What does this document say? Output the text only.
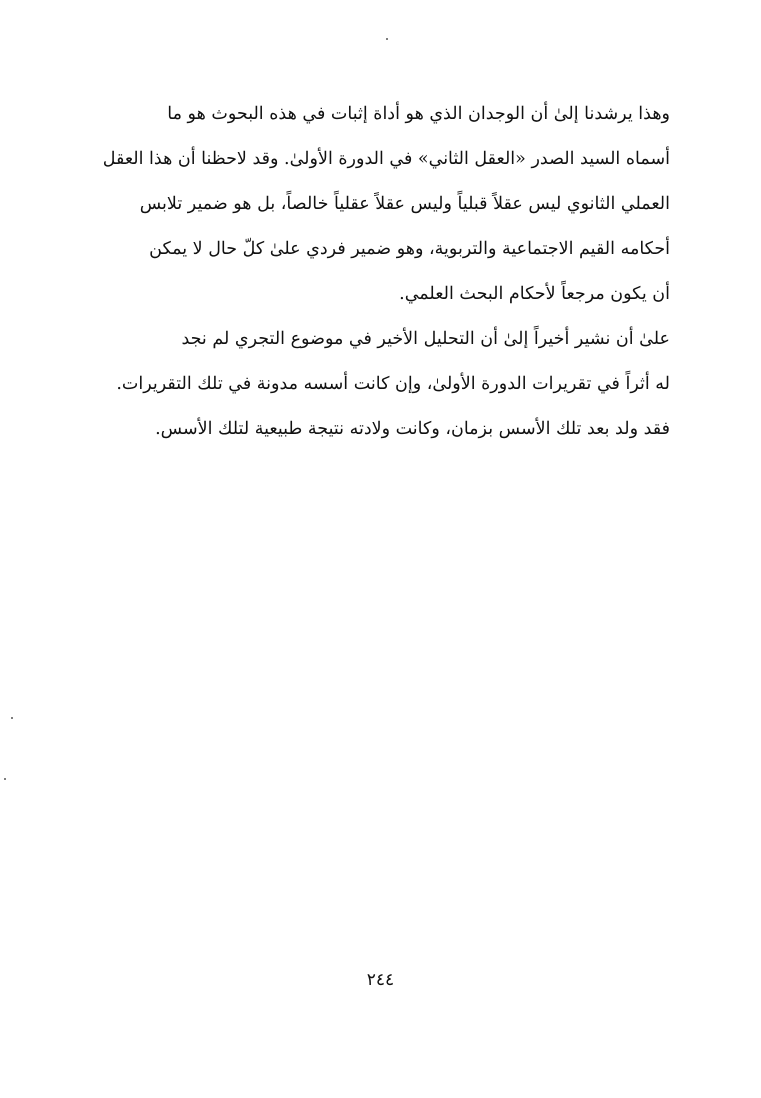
وهذا يرشدنا إلىٰ أن الوجدان الذي هو أداة إثبات في هذه البحوث هو ما
أسماه السيد الصدر «العقل الثاني» في الدورة الأولىٰ. وقد لاحظنا أن هذا العقل
العملي الثانوي ليس عقلاً قبلياً وليس عقلاً عقلياً خالصاً، بل هو ضمير تلابس
أحكامه القيم الاجتماعية والتربوية، وهو ضمير فردي علىٰ كلّ حال لا يمكن
أن يكون مرجعاً لأحكام البحث العلمي.

علىٰ أن نشير أخيراً إلىٰ أن التحليل الأخير في موضوع التجري لم نجد
له أثراً في تقريرات الدورة الأولىٰ، وإن كانت أسسه مدونة في تلك التقريرات.
فقد ولد بعد تلك الأسس بزمان، وكانت ولادته نتيجة طبيعية لتلك الأسس.

٢٤٤
